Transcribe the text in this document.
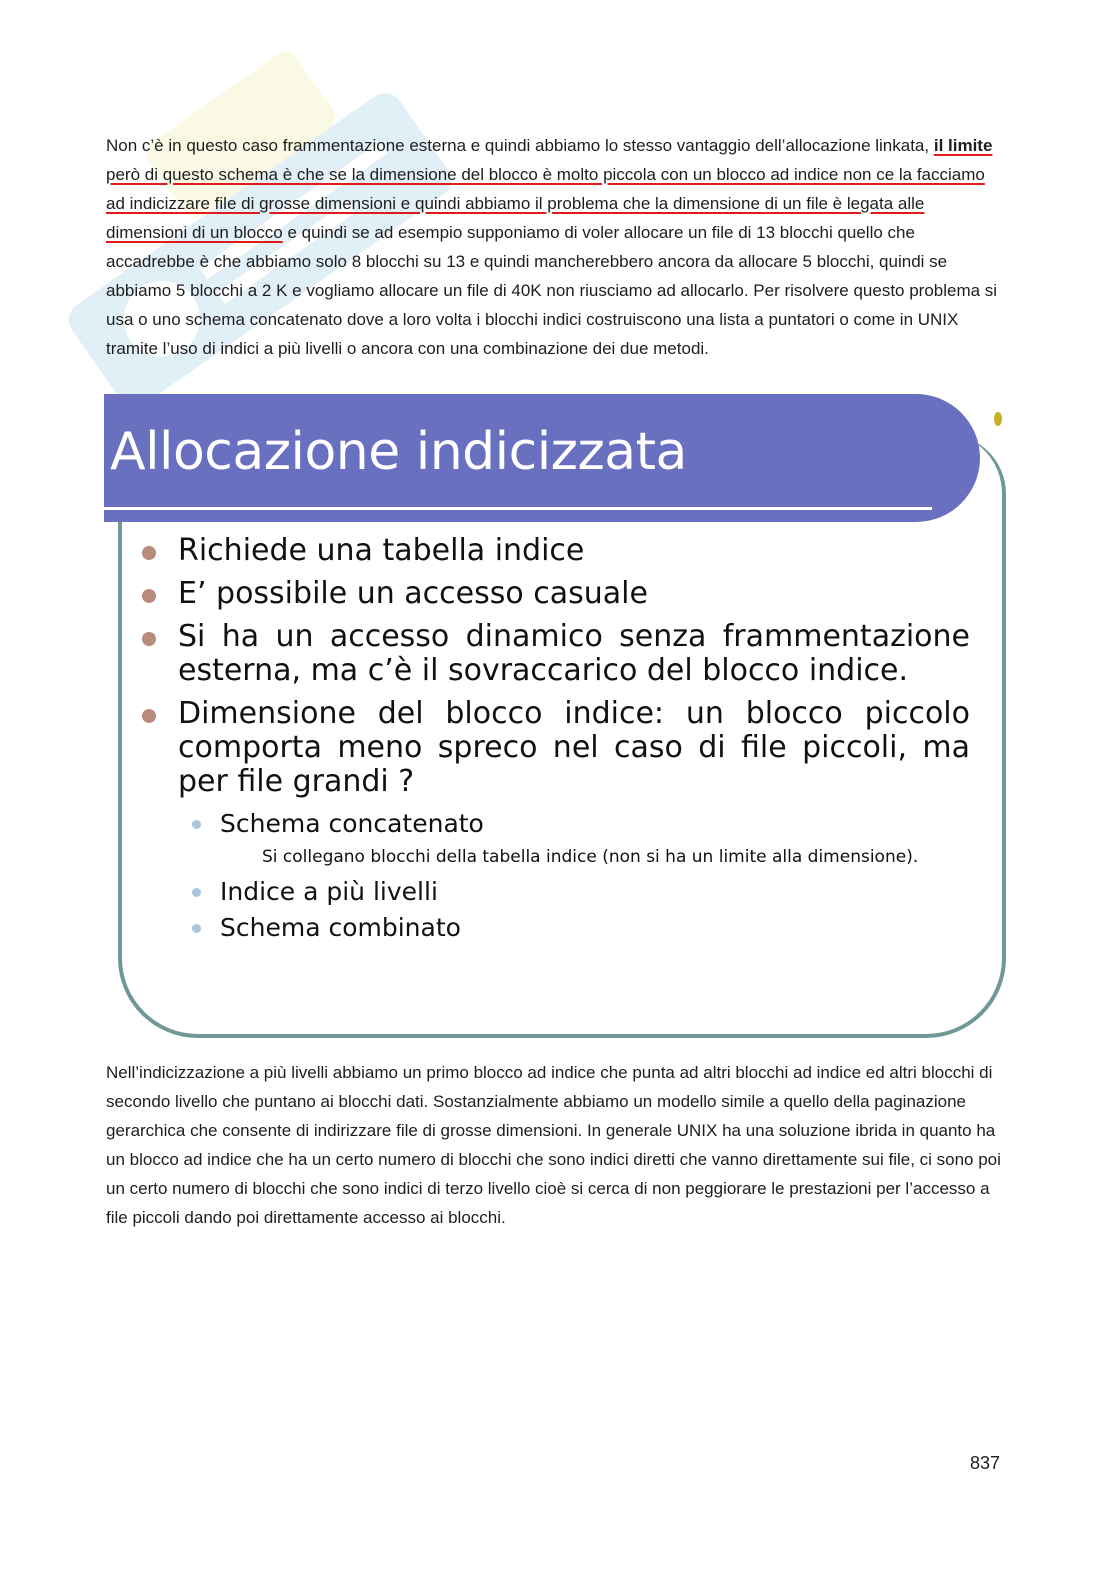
Non c’è in questo caso frammentazione esterna e quindi abbiamo lo stesso vantaggio dell’allocazione linkata, il limite però di questo schema è che se la dimensione del blocco è molto piccola con un blocco ad indice non ce la facciamo ad indicizzare file di grosse dimensioni e quindi abbiamo il problema che la dimensione di un file è legata alle dimensioni di un blocco e quindi se ad esempio supponiamo di voler allocare un file di 13 blocchi quello che accadrebbe è che abbiamo solo 8 blocchi su 13 e quindi mancherebbero ancora da allocare 5 blocchi, quindi se abbiamo 5 blocchi a 2 K e vogliamo allocare un file di 40K non riusciamo ad allocarlo. Per risolvere questo problema si usa o uno schema concatenato dove a loro volta i blocchi indici costruiscono una lista a puntatori o come in UNIX tramite l’uso di indici a più livelli o ancora con una combinazione dei due metodi.

Allocazione indicizzata
Richiede una tabella indice
E’ possibile un accesso casuale
Si ha un accesso dinamico senza frammentazione esterna, ma c’è il sovraccarico del blocco indice.
Dimensione del blocco indice: un blocco piccolo comporta meno spreco nel caso di file piccoli, ma per file grandi ?
Schema concatenato
Si collegano blocchi della tabella indice (non si ha un limite alla dimensione).
Indice a più livelli
Schema combinato

Nell’indicizzazione a più livelli abbiamo un primo blocco ad indice che punta ad altri blocchi ad indice ed altri blocchi di secondo livello che puntano ai blocchi dati. Sostanzialmente abbiamo un modello simile a quello della paginazione gerarchica che consente di indirizzare file di grosse dimensioni. In generale UNIX ha una soluzione ibrida in quanto ha un blocco ad indice che ha un certo numero di blocchi che sono indici diretti che vanno direttamente sui file, ci sono poi un certo numero di blocchi che sono indici di terzo livello cioè si cerca di non peggiorare le prestazioni per l’accesso a file piccoli dando poi direttamente accesso ai blocchi.

837
